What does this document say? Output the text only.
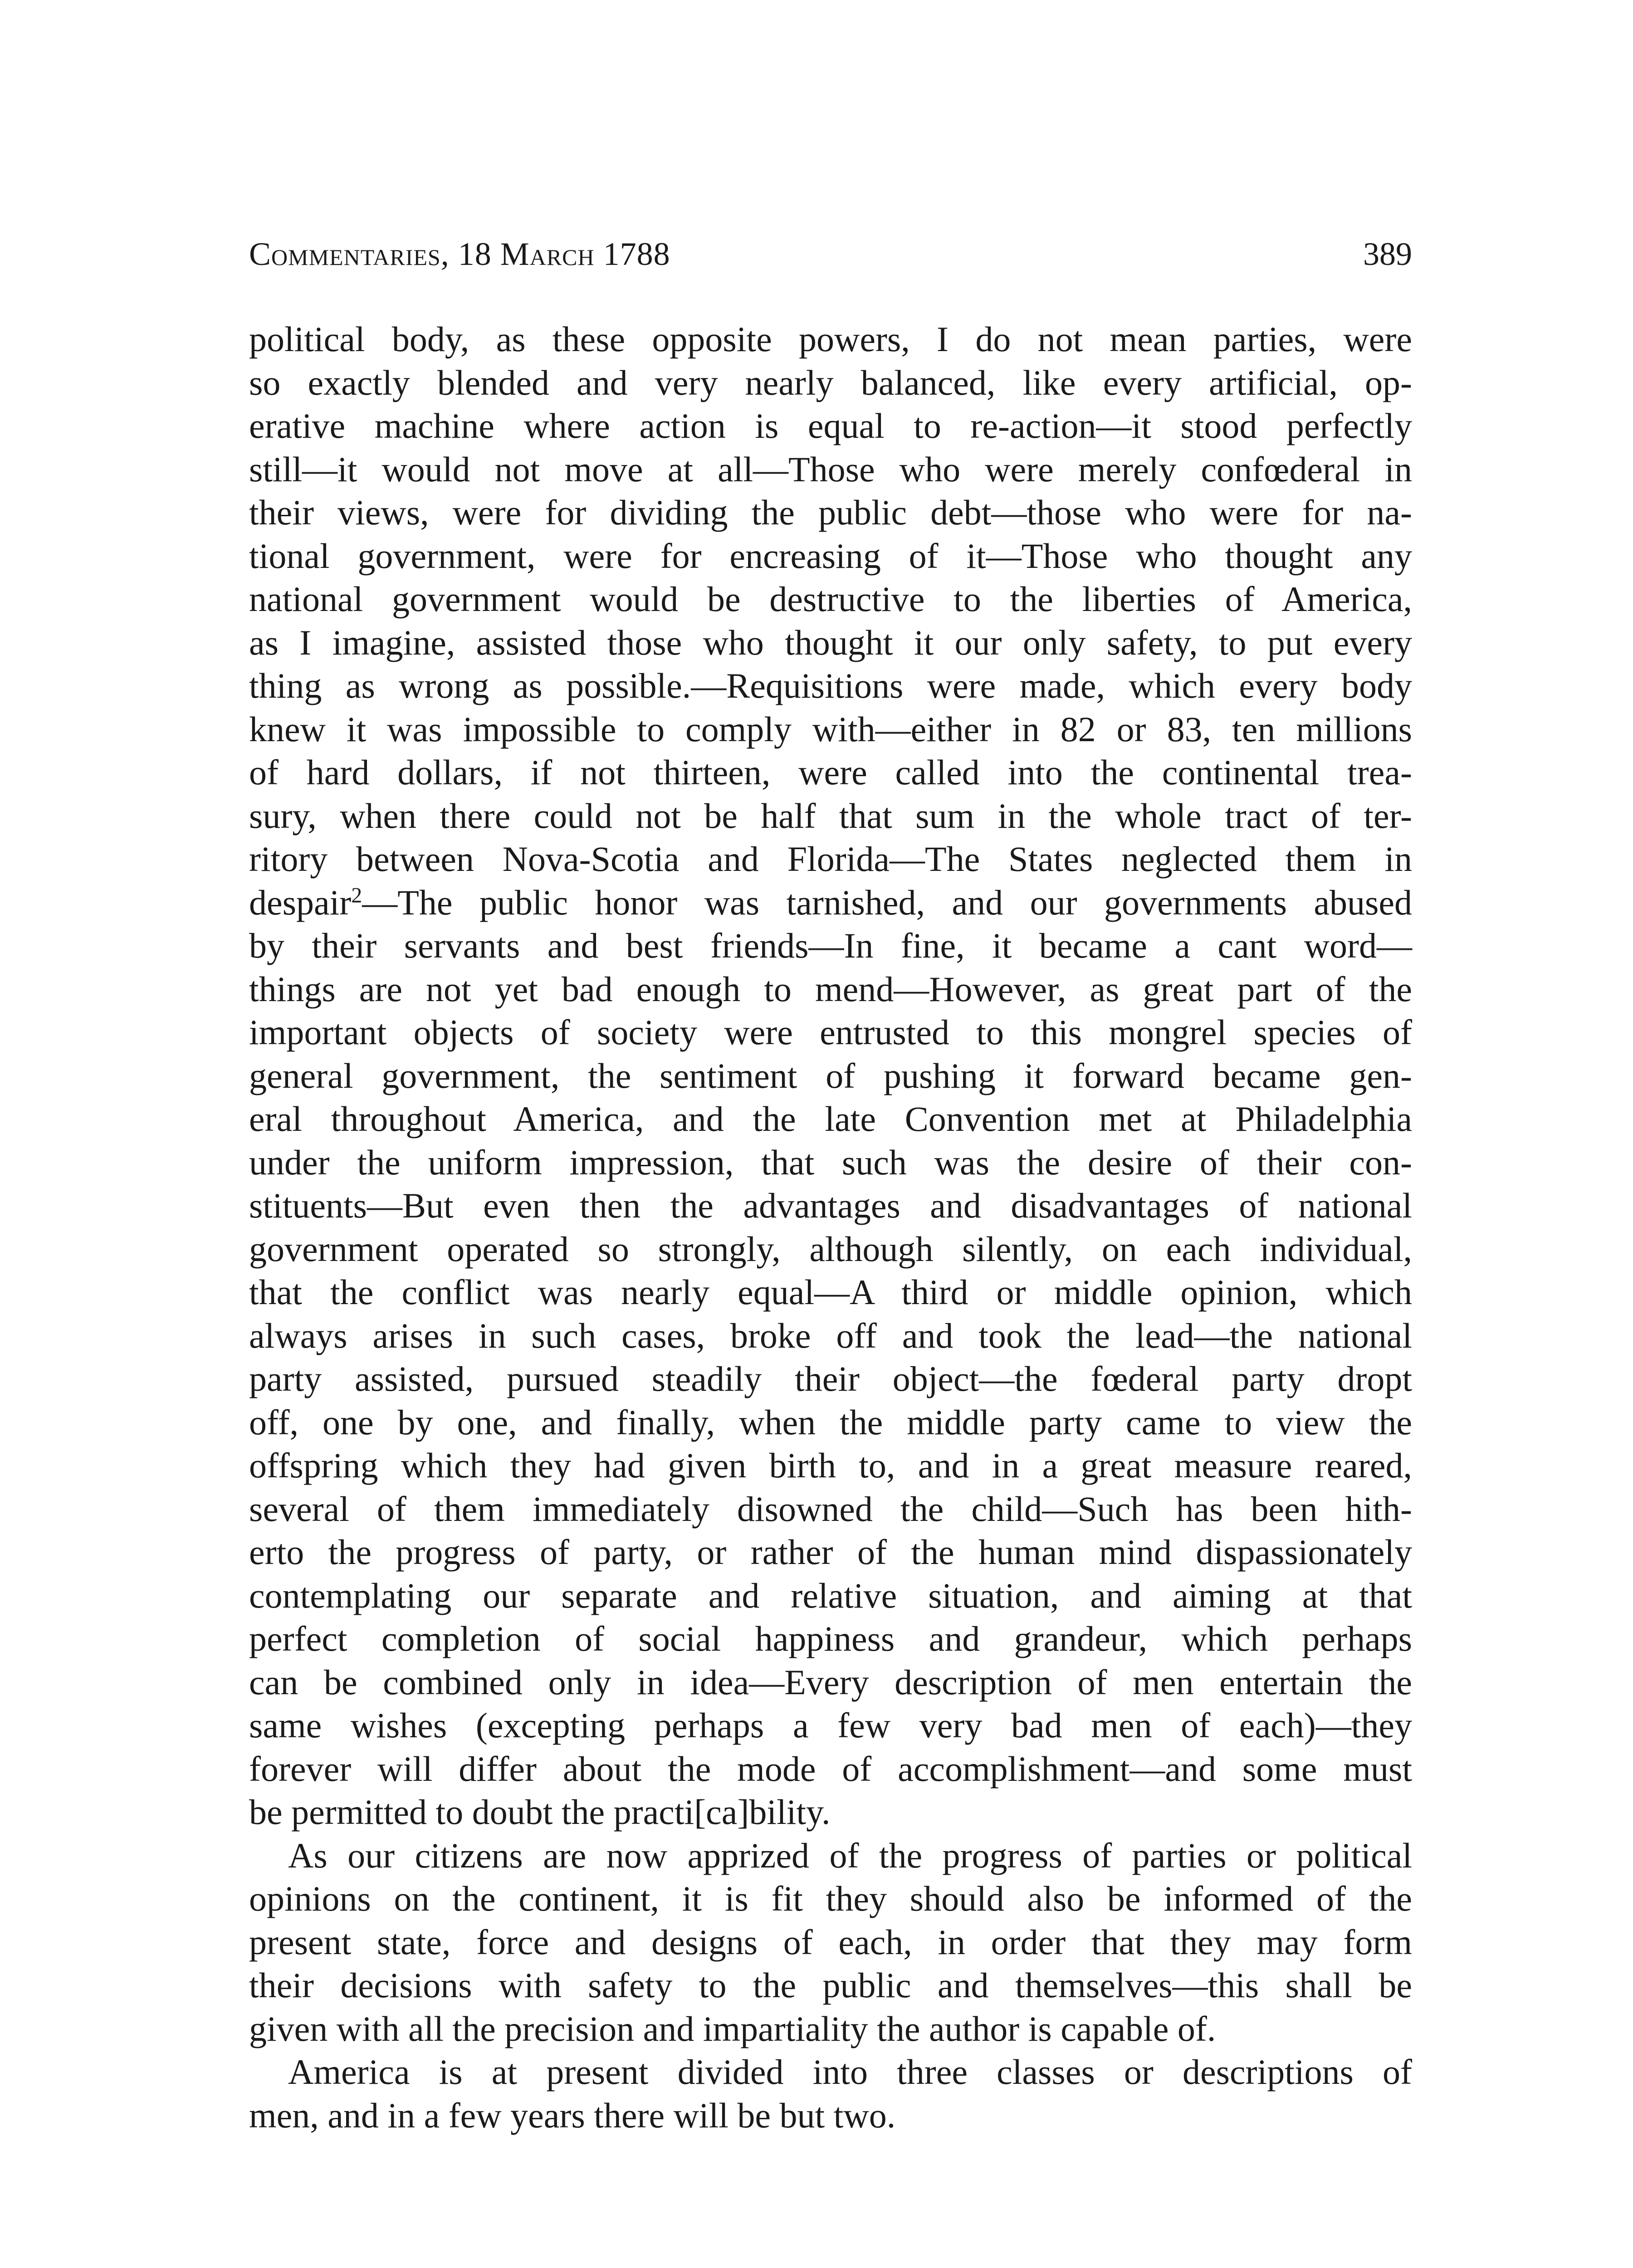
Commentaries, 18 March 1788	389

political body, as these opposite powers, I do not mean parties, were
so exactly blended and very nearly balanced, like every artificial, op-
erative machine where action is equal to re-action—it stood perfectly
still—it would not move at all—Those who were merely confœderal in
their views, were for dividing the public debt—those who were for na-
tional government, were for encreasing of it—Those who thought any
national government would be destructive to the liberties of America,
as I imagine, assisted those who thought it our only safety, to put every
thing as wrong as possible.—Requisitions were made, which every body
knew it was impossible to comply with—either in 82 or 83, ten millions
of hard dollars, if not thirteen, were called into the continental trea-
sury, when there could not be half that sum in the whole tract of ter-
ritory between Nova-Scotia and Florida—The States neglected them in
despair$^2$—The public honor was tarnished, and our governments abused
by their servants and best friends—In fine, it became a cant word—
things are not yet bad enough to mend—However, as great part of the
important objects of society were entrusted to this mongrel species of
general government, the sentiment of pushing it forward became gen-
eral throughout America, and the late Convention met at Philadelphia
under the uniform impression, that such was the desire of their con-
stituents—But even then the advantages and disadvantages of national
government operated so strongly, although silently, on each individual,
that the conflict was nearly equal—A third or middle opinion, which
always arises in such cases, broke off and took the lead—the national
party assisted, pursued steadily their object—the fœderal party dropt
off, one by one, and finally, when the middle party came to view the
offspring which they had given birth to, and in a great measure reared,
several of them immediately disowned the child—Such has been hith-
erto the progress of party, or rather of the human mind dispassionately
contemplating our separate and relative situation, and aiming at that
perfect completion of social happiness and grandeur, which perhaps
can be combined only in idea—Every description of men entertain the
same wishes (excepting perhaps a few very bad men of each)—they
forever will differ about the mode of accomplishment—and some must
be permitted to doubt the practi[ca]bility.

As our citizens are now apprized of the progress of parties or political
opinions on the continent, it is fit they should also be informed of the
present state, force and designs of each, in order that they may form
their decisions with safety to the public and themselves—this shall be
given with all the precision and impartiality the author is capable of.

America is at present divided into three classes or descriptions of
men, and in a few years there will be but two.
